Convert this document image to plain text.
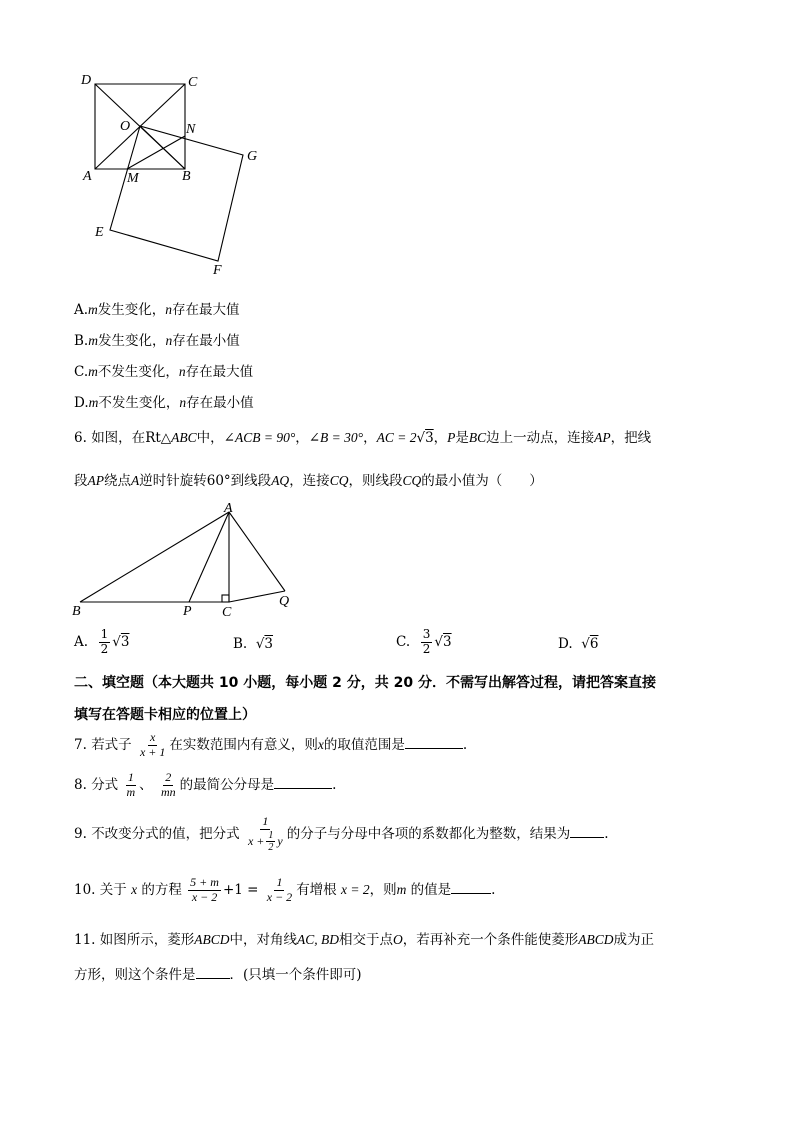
D	C
O	N
G
A	M	B
E
F
A.m发生变化，n存在最大值
B.m发生变化，n存在最小值
C.m不发生变化，n存在最大值
D.m不发生变化，n存在最小值
6. 如图，在Rt△ABC中，∠ACB = 90°，∠B = 30°，AC = 2√3，P是BC边上一动点，连接AP，把线
段AP绕点A逆时针旋转60°到线段AQ，连接CQ，则线段CQ的最小值为（　　）
A
B	P C
Q
A. $\frac{1}{2} √3$	B. √3	C. $\frac{3}{2} √3$	D. √6
二、填空题（本大题共 10 小题，每小题 2 分，共 20 分．不需写出解答过程，请把答案直接
填写在答题卡相应的位置上）
7. 若式子 $\frac{x}{x + 1}$ 在实数范围内有意义，则x的取值范围是	.
8. 分式 $\frac{1}{m}$ 、 $\frac{2}{mn}$ 的最简公分母是	.
9. 不改变分式的值，把分式 $\frac{1}{x + \frac{1}{2} y}$ 的分子与分母中各项的系数都化为整数，结果为	.
10. 关于 x 的方程 $\frac{5 + m}{x - 2} +1 = \frac{1}{x - 2}$ 有增根 x = 2，则m 的值是	.
11. 如图所示，菱形ABCD中，对角线AC, BD相交于点O，若再补充一个条件能使菱形ABCD成为正
方形，则这个条件是	．(只填一个条件即可)
